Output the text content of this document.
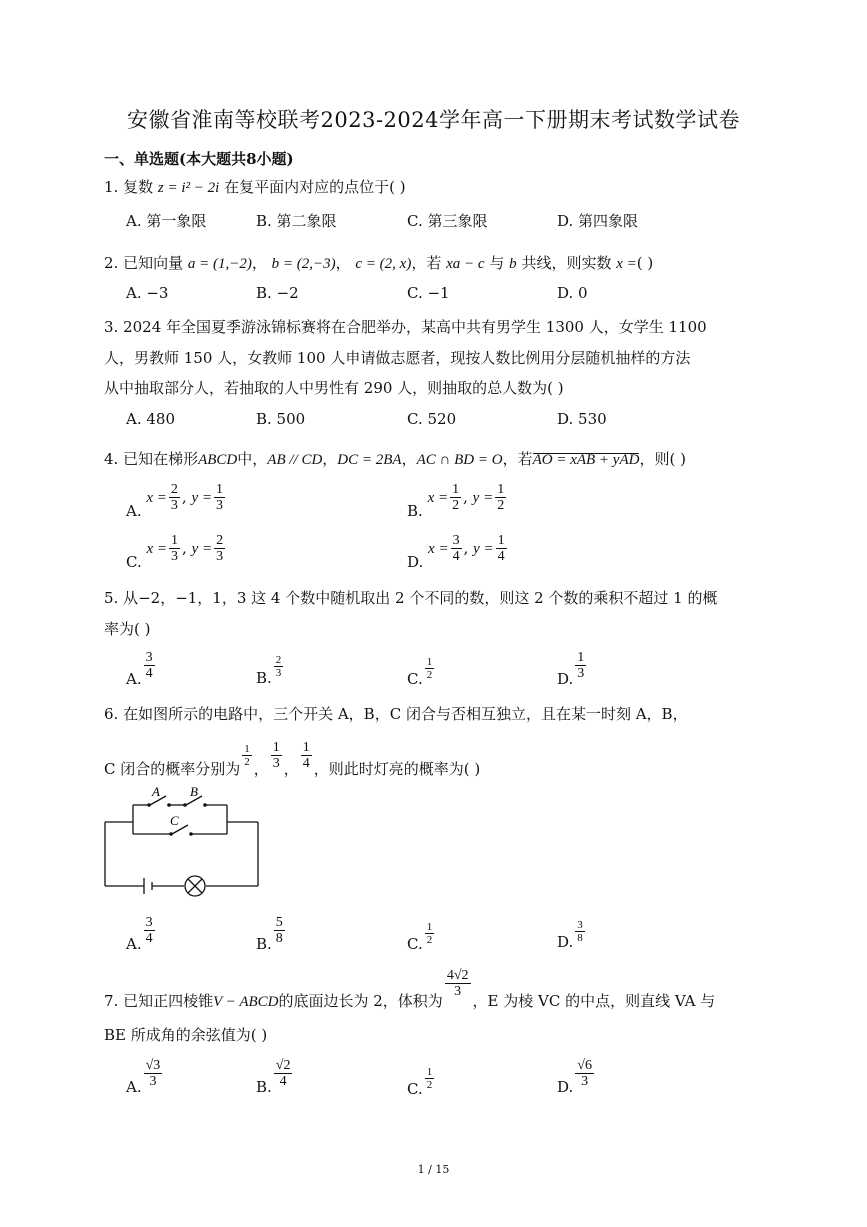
安徽省淮南等校联考2023-2024学年高一下册期末考试数学试卷
一、单选题(本大题共8小题)
1. 复数 z = i² − 2i 在复平面内对应的点位于( )
A. 第一象限	B. 第二象限	C. 第三象限	D. 第四象限
2. 已知向量 a = (1,−2)， b = (2,−3)， c = (2, x)，若 xa − c 与 b 共线，则实数 x =( )
A. −3	B. −2	C. −1	D. 0
3. 2024 年全国夏季游泳锦标赛将在合肥举办，某高中共有男学生 1300 人，女学生 1100
人，男教师 150 人，女教师 100 人申请做志愿者，现按人数比例用分层随机抽样的方法
从中抽取部分人，若抽取的人中男性有 290 人，则抽取的总人数为( )
A. 480	B. 500	C. 520	D. 530
4. 已知在梯形ABCD中，AB // CD，DC = 2BA，AC ∩ BD = O，若AO = xAB + yAD，则( )
A. $x = \frac{2}{3}$ , $y = \frac{1}{3}$	B. $x = \frac{1}{2}$ , $y = \frac{1}{2}$
C. $x = \frac{1}{3}$ , $y = \frac{2}{3}$	D. $x = \frac{3}{4}$ , $y = \frac{1}{4}$
5. 从−2，−1，1，3 这 4 个数中随机取出 2 个不同的数，则这 2 个数的乘积不超过 1 的概
率为( )
A. $\frac{3}{4}$	B. $\frac{2}{3}$	C. $\frac{1}{2}$	D. $\frac{1}{3}$
6. 在如图所示的电路中，三个开关 A，B，C 闭合与否相互独立，且在某一时刻 A，B，
C 闭合的概率分别为
$\frac{1}{2}$
， $\frac{1}{3}$ ， $\frac{1}{4}$ ，则此时灯亮的概率为( )
A B
C
A. $\frac{3}{4}$	B. $\frac{5}{8}$	C. $\frac{1}{2}$	D. $\frac{3}{8}$
7. 已知正四棱锥V − ABCD的底面边长为 2，体积为
$\frac{4√2}{3}$
，E 为棱 VC 的中点，则直线 VA 与
BE 所成角的余弦值为( )
A. $\frac{√3}{3}$	B. $\frac{√2}{4}$	C. $\frac{1}{2}$	D. $\frac{√6}{3}$
1 / 15
